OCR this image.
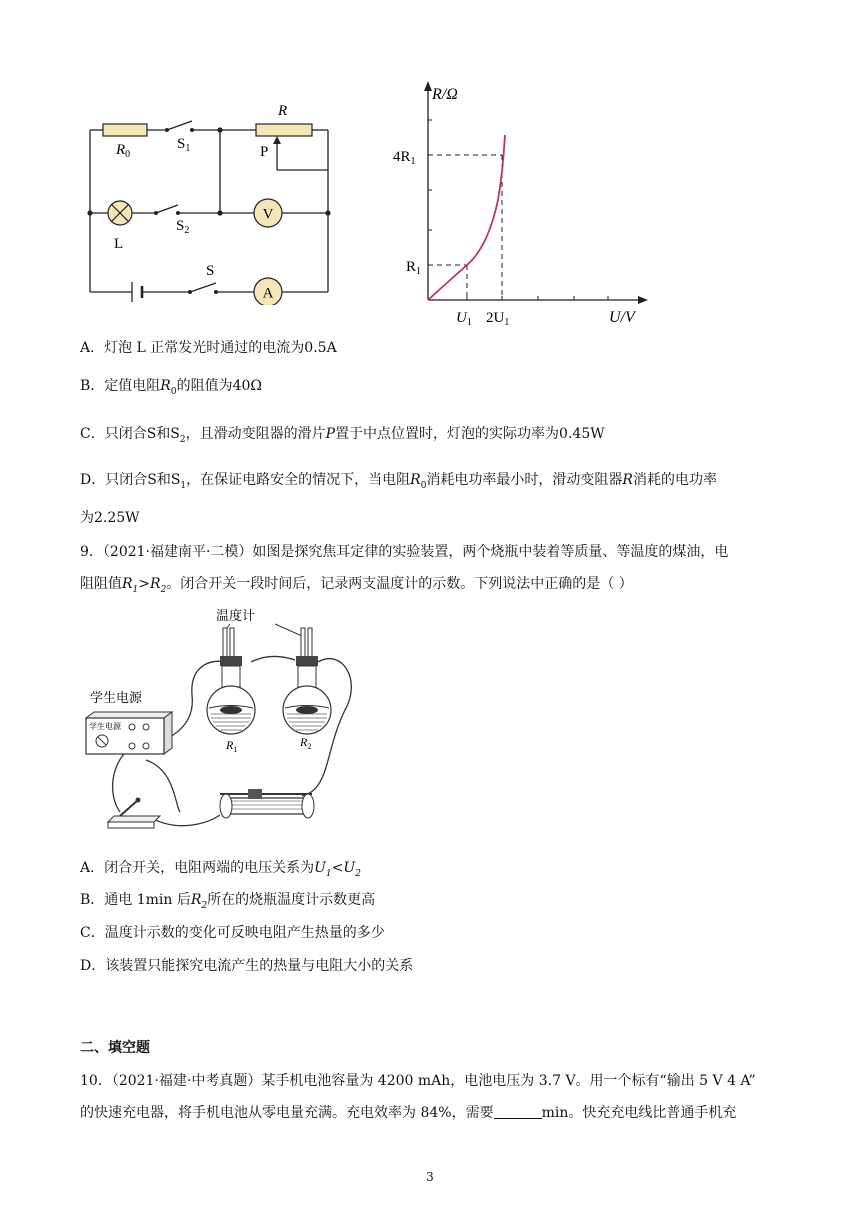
V
A
$R_0$
$S_1$
R
P
L
$S_2$
S
R/Ω
U/V
$4R_1$
$R_1$
$U_1$ $2U_1$
A．灯泡 L 正常发光时通过的电流为0.5A
B．定值电阻$R_0$的阻值为40Ω
C．只闭合S和$S_2$，且滑动变阻器的滑片P置于中点位置时，灯泡的实际功率为0.45W
D．只闭合S和$S_1$，在保证电路安全的情况下，当电阻$R_0$消耗电功率最小时，滑动变阻器R消耗的电功率
为2.25W
9．（2021·福建南平·二模）如图是探究焦耳定律的实验装置，两个烧瓶中装着等质量、等温度的煤油，电
阻阻值$R_1>R_2$。闭合开关一段时间后，记录两支温度计的示数。下列说法中正确的是（ ）
温度计
$R_1$
$R_2$
学生电源
学生电源
A．闭合开关，电阻两端的电压关系为$U_1<U_2$
B．通电 1min 后$R_2$所在的烧瓶温度计示数更高
C．温度计示数的变化可反映电阻产生热量的多少
D．该装置只能探究电流产生的热量与电阻大小的关系
二、填空题
10．（2021·福建·中考真题）某手机电池容量为 4200 mAh，电池电压为 3.7 V。用一个标有“输出 5 V 4 A”
的快速充电器，将手机电池从零电量充满。充电效率为 84%，需要	min。快充充电线比普通手机充
3
